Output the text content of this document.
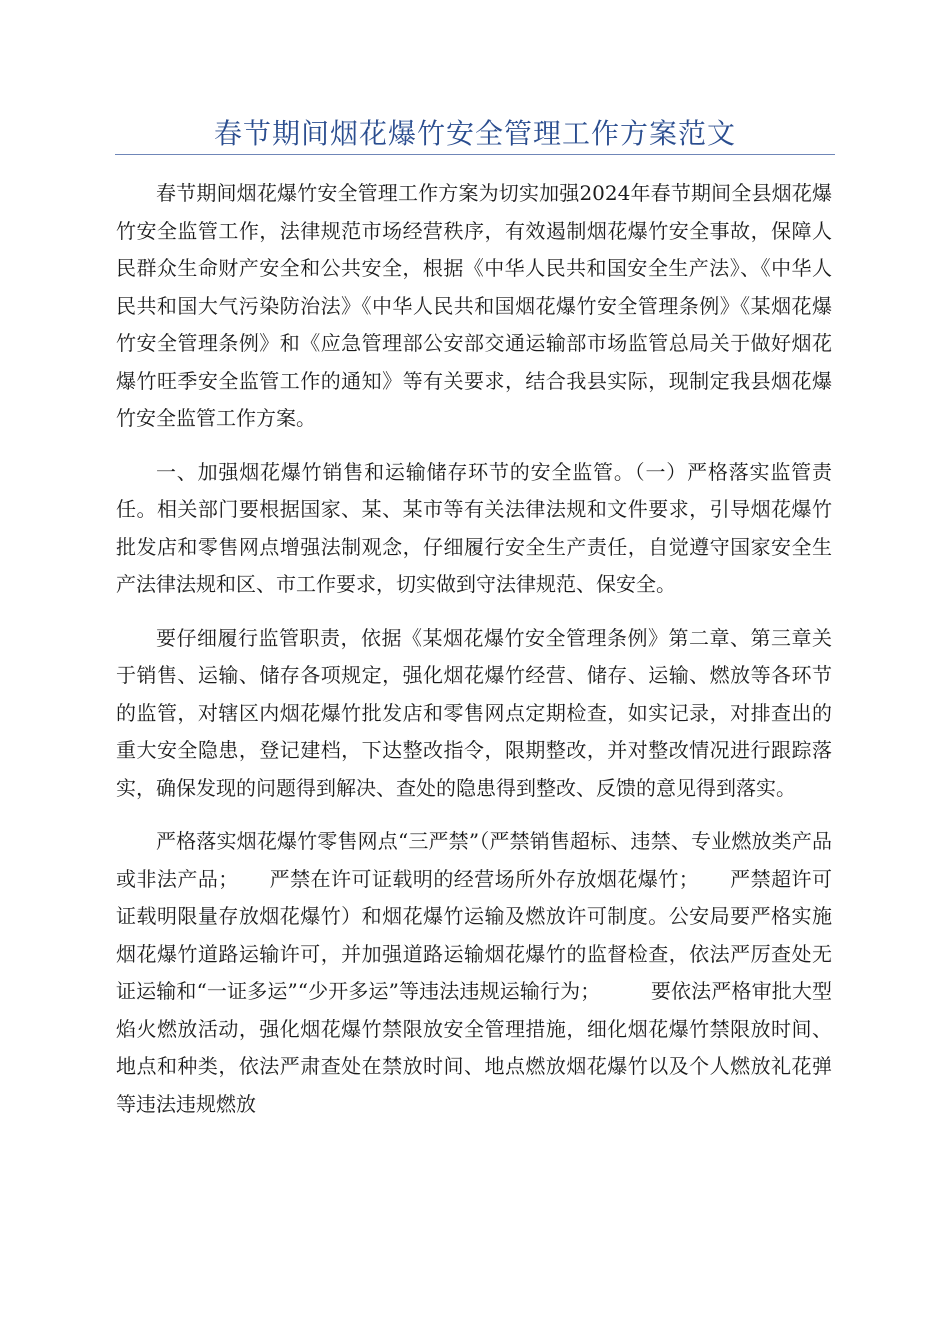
春节期间烟花爆竹安全管理工作方案范文

春节期间烟花爆竹安全管理工作方案为切实加强2024年春节期间全县烟花爆竹安全监管工作，法律规范市场经营秩序，有效遏制烟花爆竹安全事故，保障人民群众生命财产安全和公共安全，根据《中华人民共和国安全生产法》、《中华人民共和国大气污染防治法》《中华人民共和国烟花爆竹安全管理条例》《某烟花爆竹安全管理条例》和《应急管理部公安部交通运输部市场监管总局关于做好烟花爆竹旺季安全监管工作的通知》等有关要求，结合我县实际，现制定我县烟花爆竹安全监管工作方案。

一、加强烟花爆竹销售和运输储存环节的安全监管。（一）严格落实监管责任。相关部门要根据国家、某、某市等有关法律法规和文件要求，引导烟花爆竹批发店和零售网点增强法制观念，仔细履行安全生产责任，自觉遵守国家安全生产法律法规和区、市工作要求，切实做到守法律规范、保安全。

要仔细履行监管职责，依据《某烟花爆竹安全管理条例》第二章、第三章关于销售、运输、储存各项规定，强化烟花爆竹经营、储存、运输、燃放等各环节的监管，对辖区内烟花爆竹批发店和零售网点定期检查，如实记录，对排查出的重大安全隐患，登记建档，下达整改指令，限期整改，并对整改情况进行跟踪落实，确保发现的问题得到解决、查处的隐患得到整改、反馈的意见得到落实。

严格落实烟花爆竹零售网点“三严禁”（严禁销售超标、违禁、专业燃放类产品或非法产品；　　严禁在许可证载明的经营场所外存放烟花爆竹；　　严禁超许可证载明限量存放烟花爆竹）和烟花爆竹运输及燃放许可制度。公安局要严格实施烟花爆竹道路运输许可，并加强道路运输烟花爆竹的监督检查，依法严厉查处无证运输和“一证多运”“少开多运”等违法违规运输行为；　　　要依法严格审批大型焰火燃放活动，强化烟花爆竹禁限放安全管理措施，细化烟花爆竹禁限放时间、地点和种类，依法严肃查处在禁放时间、地点燃放烟花爆竹以及个人燃放礼花弹等违法违规燃放
